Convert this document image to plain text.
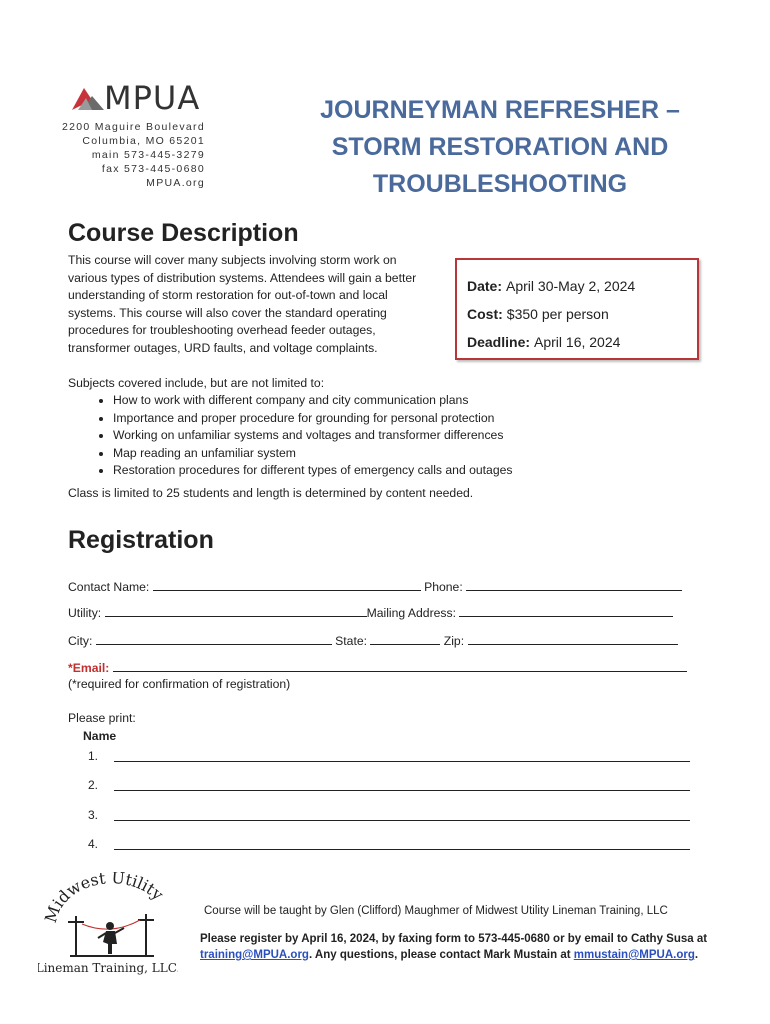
MPUA
2200 Maguire Boulevard
Columbia, MO 65201
main 573-445-3279
fax 573-445-0680
MPUA.org
JOURNEYMAN REFRESHER –
STORM RESTORATION AND
TROUBLESHOOTING
Course Description
This course will cover many subjects involving storm work on
various types of distribution systems. Attendees will gain a better
understanding of storm restoration for out-of-town and local
systems. This course will also cover the standard operating
procedures for troubleshooting overhead feeder outages,
transformer outages, URD faults, and voltage complaints.
Date: April 30-May 2, 2024
Cost: $350 per person
Deadline: April 16, 2024
Subjects covered include, but are not limited to:
• How to work with different company and city communication plans
• Importance and proper procedure for grounding for personal protection
• Working on unfamiliar systems and voltages and transformer differences
• Map reading an unfamiliar system
• Restoration procedures for different types of emergency calls and outages
Class is limited to 25 students and length is determined by content needed.
Registration
Contact Name:	Phone:
Utility:	Mailing Address:
City:	State:	Zip:
*Email:
(*required for confirmation of registration)
Please print:
Name
1.
2.
3.
4.
Midwest Utility
Lineman Training, LLC.
Course will be taught by Glen (Clifford) Maughmer of Midwest Utility Lineman Training, LLC
Please register by April 16, 2024, by faxing form to 573-445-0680 or by email to Cathy Susa at training@MPUA.org. Any questions, please contact Mark Mustain at mmustain@MPUA.org.
